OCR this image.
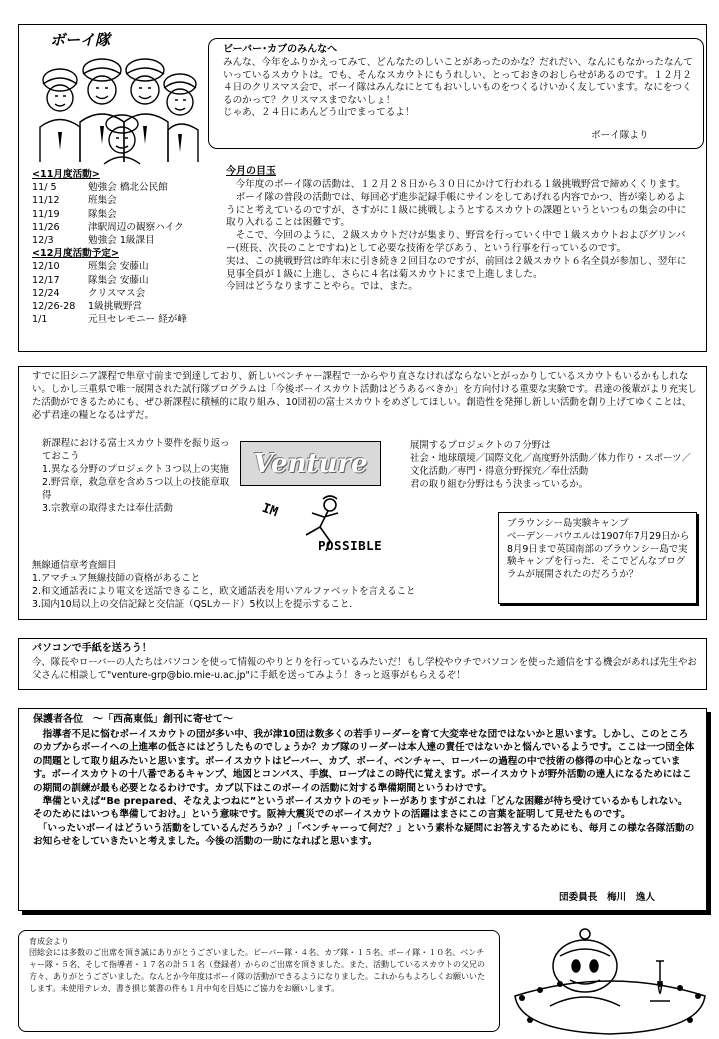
ボーイ隊
ビーバー･カブのみんなへ
みんな、今年をふりかえってみて、どんなたのしいことがあったのかな？だれだい、なんにもなかったなんていっているスカウトは。でも、そんなスカウトにもうれしい、とっておきのおしらせがあるのです。１２月２４日のクリスマス会で、ボーイ隊はみんなにとてもおいしいものをつくるけいかく友しています。なにをつくるのかって？クリスマスまでないしょ！
じゃあ、２４日にあんどう山でまってるよ！
ボーイ隊より
<11月度活動>
11/ 5	勉強会 橋北公民館
11/12	班集会
11/19	隊集会
11/26	津駅周辺の観察ハイク
12/3	勉強会 1級課目
<12月度活動予定>
12/10	班集会 安藤山
12/17	隊集会 安藤山
12/24	クリスマス会
12/26-28	1級挑戦野営
1/1	元旦セレモニー 経が峰
今月の目玉
　今年度のボーイ隊の活動は、１２月２８日から３０日にかけて行われる１級挑戦野営で締めくくります。
　ボーイ隊の普段の活動では、毎回必ず進歩記録手帳にサインをしてあげれる内容でかつ、皆が楽しめるようにと考えているのですが、さすがに１級に挑戦しようとするスカウトの課題というといつもの集会の中に取り入れることは困難です。
　そこで、今回のように、２級スカウトだけが集まり、野営を行っていく中で１級スカウトおよびグリンバー(班長、次長のことですね)として必要な技術を学びあう、という行事を行っているのです。
実は、この挑戦野営は昨年末に引き続き２回目なのですが、前回は２級スカウト６名全員が参加し、翌年に見事全員が１級に上進し、さらに４名は菊スカウトにまで上進しました。
今回はどうなりますことやら。では、また。
すでに旧シニア課程で隼章寸前まで到達しており、新しいベンチャー課程で一からやり直さなければならないとがっかりしているスカウトもいるかもしれない。しかし三重県で唯一展開された試行隊プログラムは「今後ボーイスカウト活動はどうあるべきか」を方向付ける重要な実験です。君達の後輩がより充実した活動ができるためにも、ぜひ新課程に積極的に取り組み、10団初の富士スカウトをめざしてほしい。創造性を発揮し新しい活動を創り上げてゆくことは、必ず君達の糧となるはずだ。
新課程における富士スカウト要件を振り返っておこう
1.異なる分野のプロジェクト３つ以上の実施
2.野営章，救急章を含め５つ以上の技能章取得
3.宗教章の取得または奉仕活動
Venture
展開するプロジェクトの７分野は
社会・地球環境／国際文化／高度野外活動／体力作り・スポーツ／文化活動／専門・得意分野探究／奉仕活動
君の取り組む分野はもう決まっているか。
IM
POSSIBLE
ブラウンシー島実験キャンプ
ベーデン－パウエルは1907年7月29日から8月9日まで英国南部のブラウンシー島で実験キャンプを行った．そこでどんなプログラムが展開されたのだろうか？
無線通信章考査細目
1.アマチュア無線技師の資格があること
2.和文通話表により電文を送話できること，欧文通話表を用いアルファベットを言えること
3.国内10局以上の交信記録と交信証（QSLカード）5枚以上を提示すること．
パソコンで手紙を送ろう！
今、隊長やローバーの人たちはパソコンを使って情報のやりとりを行っているみたいだ！もし学校やウチでパソコンを使った通信をする機会があれば先生やお父さんに相談して"venture-grp@bio.mie-u.ac.jp"に手紙を送ってみよう！きっと返事がもらえるぞ！
保護者各位　～「西高東低」創刊に寄せて～
　指導者不足に悩むボーイスカウトの団が多い中、我が津10団は数多くの若手リーダーを育て大変幸せな団ではないかと思います。しかし、このところのカブからボーイへの上進率の低さにはどうしたものでしょうか？カブ隊のリーダーは本人達の責任ではないかと悩んでいるようです。ここは一つ団全体の問題として取り組みたいと思います。ボーイスカウトはビーバー、カブ、ボーイ、ベンチャー、ローバーの過程の中で技術の修得の中心となっています。ボーイスカウトの十八番であるキャンプ、地図とコンパス、手旗、ロープはこの時代に覚えます。ボーイスカウトが野外活動の達人になるためにはこの期間の訓練が最も必要となるわけです。カブ以下はこのボーイの活動に対する準備期間というわけです。
　準備といえば“Be prepared、そなえよつねに”というボーイスカウトのモットーがありますがこれは「どんな困難が待ち受けているかもしれない。そのためにはいつも準備しておけ。」という意味です。阪神大震災でのボーイスカウトの活躍はまさにこの言葉を証明して見せたものです。
　「いったいボーイはどういう活動をしているんだろうか？」「ベンチャーって何だ？」という素朴な疑問にお答えするためにも、毎月この様な各隊活動のお知らせをしていきたいと考えました。今後の活動の一助になればと思います。
団委員長　梅川　逸人
育成会より
団総会には多数のご出席を頂き誠にありがとうございました。ビーバー隊・４名、カブ隊・１５名、ボーイ隊・１０名、ベンチャー隊・５名、そして指導者・１７名の計５１名（登録者）からのご出席を頂きました。また、活動しているスカウトの父兄の方々、ありがとうございました。なんとか今年度はボーイ隊の活動ができるようになりました。これからもよろしくお願いいたします。未使用テレカ、書き損じ葉書の件も１月中旬を目処にご協力をお願いします。
